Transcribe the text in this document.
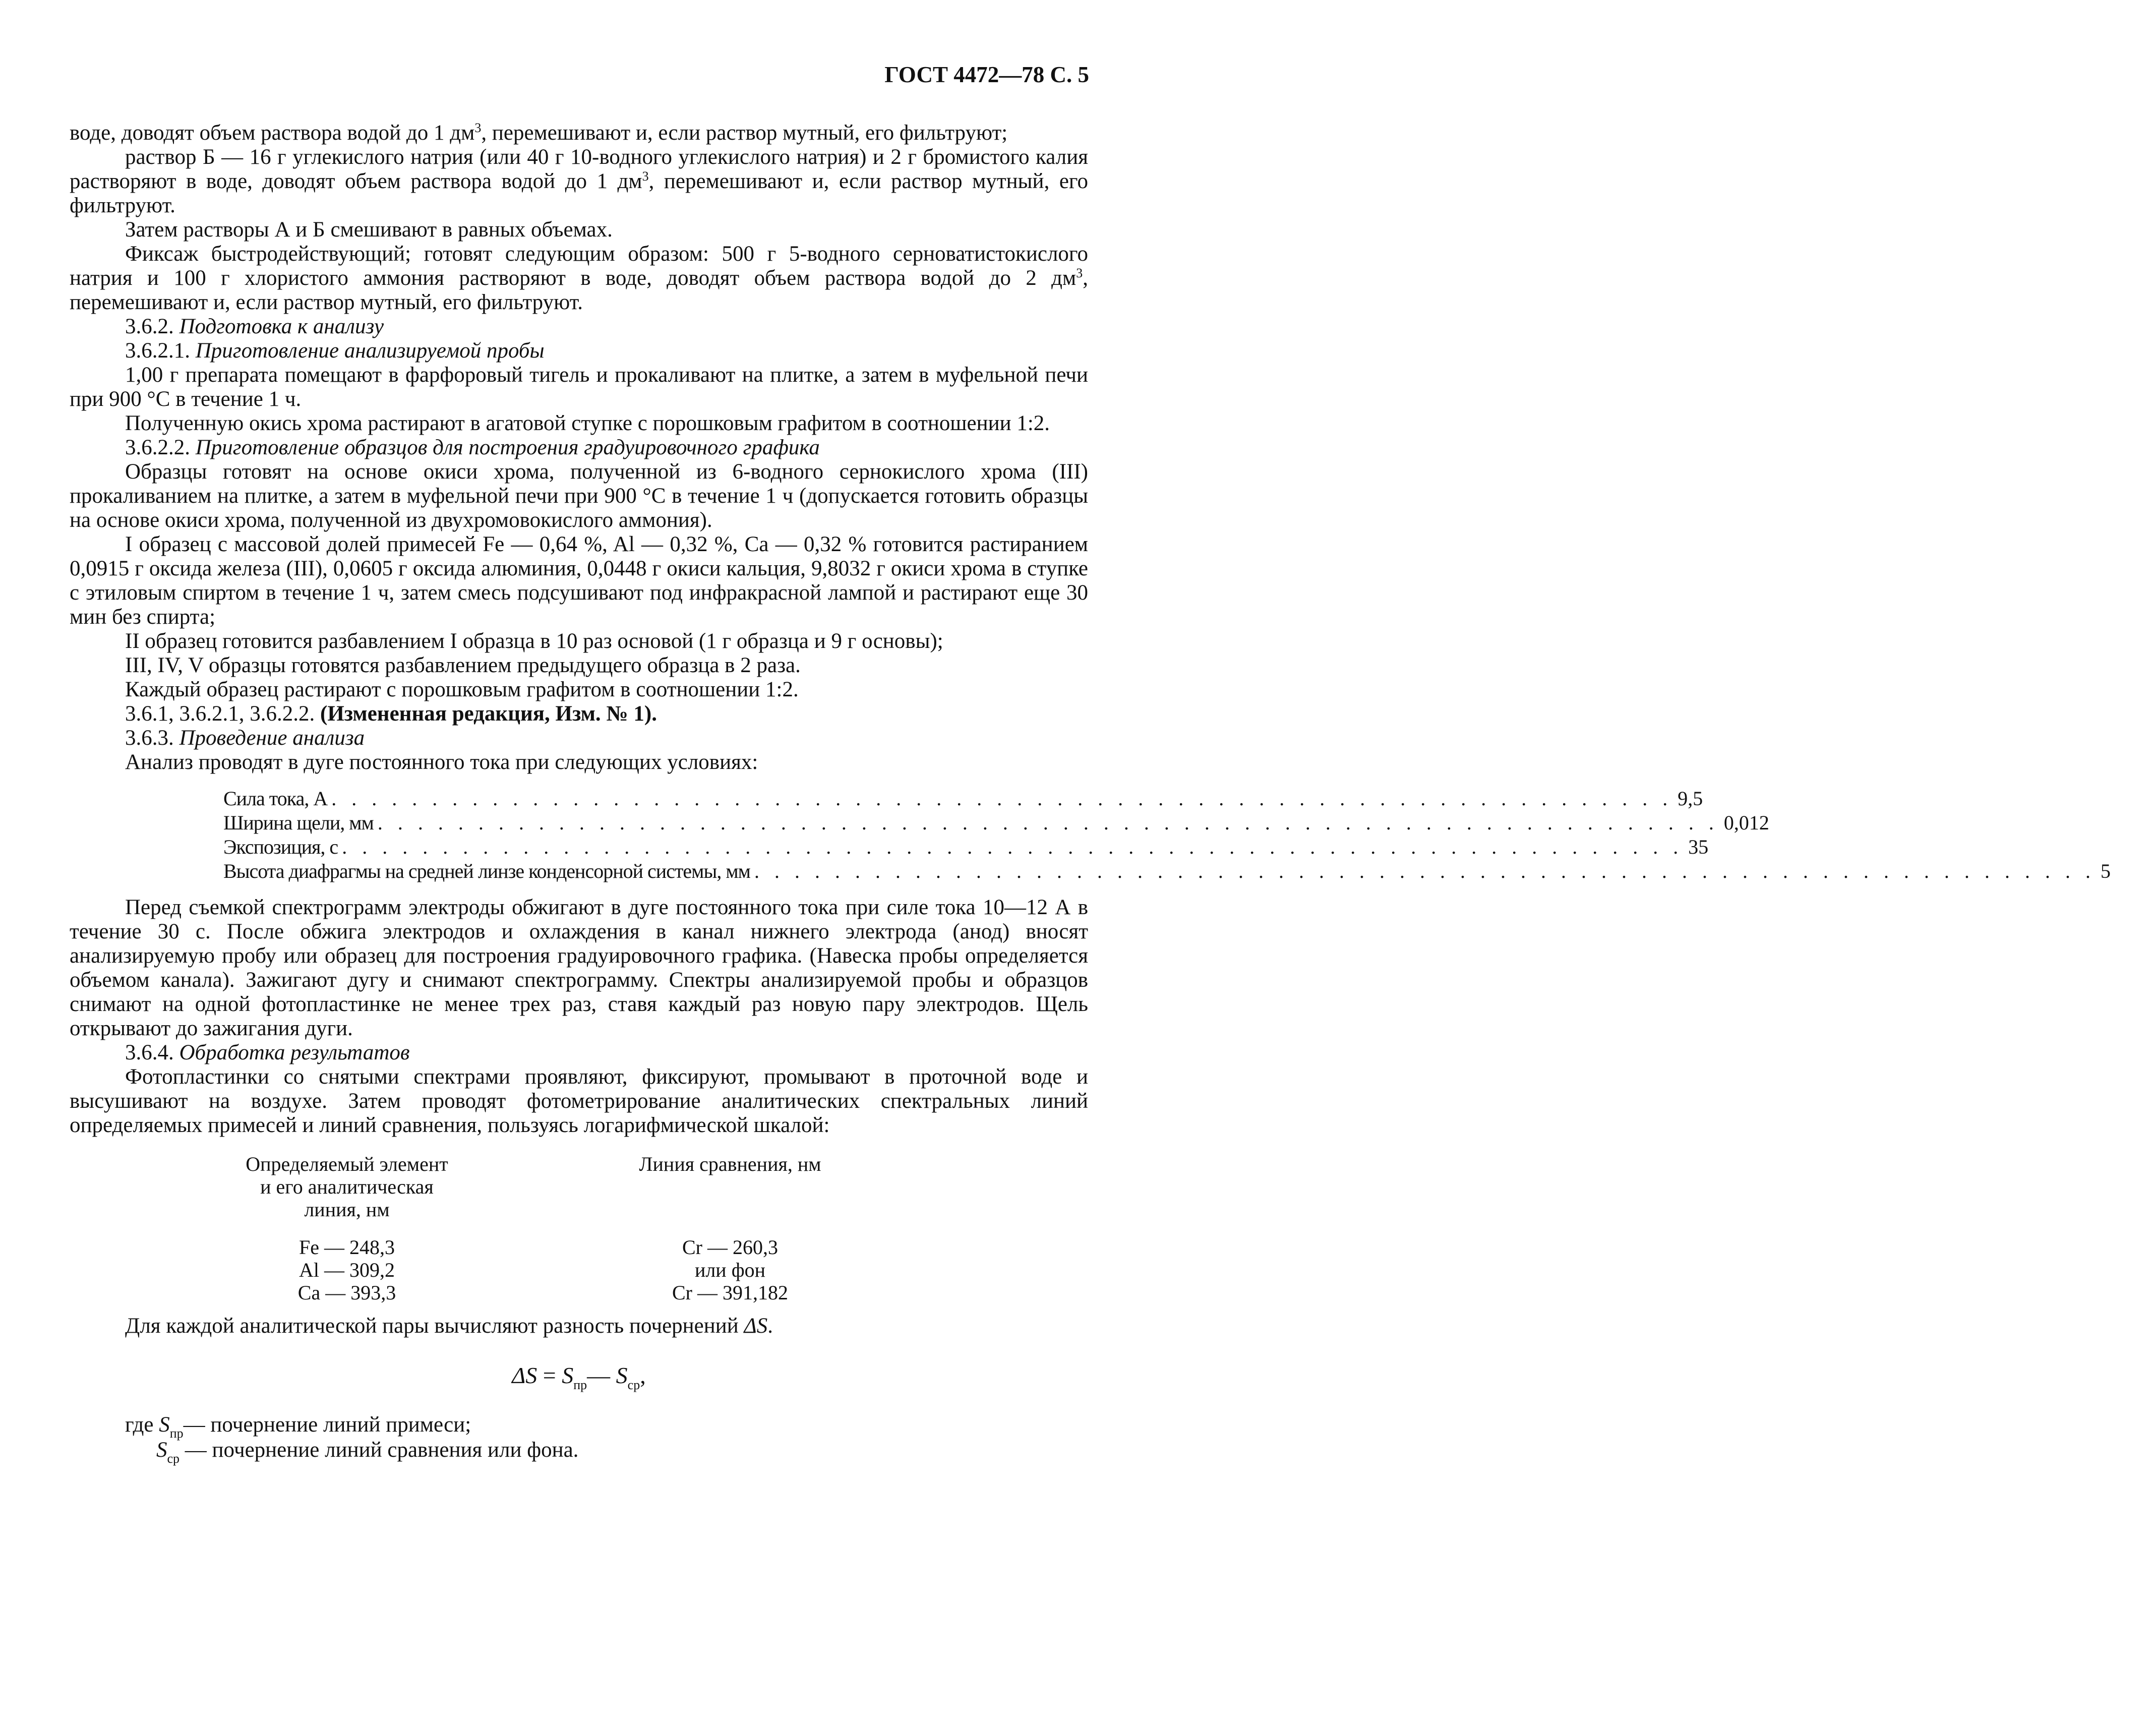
ГОСТ 4472—78 С. 5

воде, доводят объем раствора водой до 1 $дм^3$, перемешивают и, если раствор мутный, его фильтруют;

раствор Б — 16 г углекислого натрия (или 40 г 10-водного углекислого натрия) и 2 г бромистого калия растворяют в воде, доводят объем раствора водой до 1 $дм^3$, перемешивают и, если раствор мутный, его фильтруют.

Затем растворы А и Б смешивают в равных объемах.

Фиксаж быстродействующий; готовят следующим образом: 500 г 5-водного серноватистокислого натрия и 100 г хлористого аммония растворяют в воде, доводят объем раствора водой до 2 $дм^3$, перемешивают и, если раствор мутный, его фильтруют.

3.6.2. Подготовка к анализу

3.6.2.1. Приготовление анализируемой пробы

1,00 г препарата помещают в фарфоровый тигель и прокаливают на плитке, а затем в муфельной печи при 900 °С в течение 1 ч.

Полученную окись хрома растирают в агатовой ступке с порошковым графитом в соотношении 1:2.

3.6.2.2. Приготовление образцов для построения градуировочного графика

Образцы готовят на основе окиси хрома, полученной из 6-водного сернокислого хрома (III) прокаливанием на плитке, а затем в муфельной печи при 900 °С в течение 1 ч (допускается готовить образцы на основе окиси хрома, полученной из двухромовокислого аммония).

I образец с массовой долей примесей Fe — 0,64 %, Al — 0,32 %, Ca — 0,32 % готовится растиранием 0,0915 г оксида железа (III), 0,0605 г оксида алюминия, 0,0448 г окиси кальция, 9,8032 г окиси хрома в ступке с этиловым спиртом в течение 1 ч, затем смесь подсушивают под инфракрасной лампой и растирают еще 30 мин без спирта;

II образец готовится разбавлением I образца в 10 раз основой (1 г образца и 9 г основы);

III, IV, V образцы готовятся разбавлением предыдущего образца в 2 раза.

Каждый образец растирают с порошковым графитом в соотношении 1:2.

3.6.1, 3.6.2.1, 3.6.2.2. (Измененная редакция, Изм. № 1).

3.6.3. Проведение анализа

Анализ проводят в дуге постоянного тока при следующих условиях:

Сила тока, А . . . . . . . . . . . . . . . . . . . . . . . . . . . . . . . . . . . . . . . . . . . . . . . . . . . . . . . . . . . . . . . . . . . 9,5
Ширина щели, мм . . . . . . . . . . . . . . . . . . . . . . . . . . . . . . . . . . . . . . . . . . . . . . . . . . . . . . . . . . . . . . . . . . . 0,012
Экспозиция, с . . . . . . . . . . . . . . . . . . . . . . . . . . . . . . . . . . . . . . . . . . . . . . . . . . . . . . . . . . . . . . . . . . . 35
Высота диафрагмы на средней линзе конденсорной системы, мм . . . . . . . . . . . . . . . . . . . . . . . . . . . . . . . . . . . . . . . . . . . . . . . . . . . . . . . . . . . . . . . . . . . 5

Перед съемкой спектрограмм электроды обжигают в дуге постоянного тока при силе тока 10—12 А в течение 30 с. После обжига электродов и охлаждения в канал нижнего электрода (анод) вносят анализируемую пробу или образец для построения градуировочного графика. (Навеска пробы определяется объемом канала). Зажигают дугу и снимают спектрограмму. Спектры анализируемой пробы и образцов снимают на одной фотопластинке не менее трех раз, ставя каждый раз новую пару электродов. Щель открывают до зажигания дуги.

3.6.4. Обработка результатов

Фотопластинки со снятыми спектрами проявляют, фиксируют, промывают в проточной воде и высушивают на воздухе. Затем проводят фотометрирование аналитических спектральных линий определяемых примесей и линий сравнения, пользуясь логарифмической шкалой:

Определяемый элемент
и его аналитическая
линия, нм
Линия сравнения, нм
Fe — 248,3
Al — 309,2
Ca — 393,3
Cr — 260,3
или фон
Cr — 391,182

Для каждой аналитической пары вычисляют разность почернений ΔS.

$\Delta S = S_{пр}—$ $S_{ср}$,
где $S_{пр}—$ почернение линий примеси;
$S_{ср}$ — почернение линий сравнения или фона.
